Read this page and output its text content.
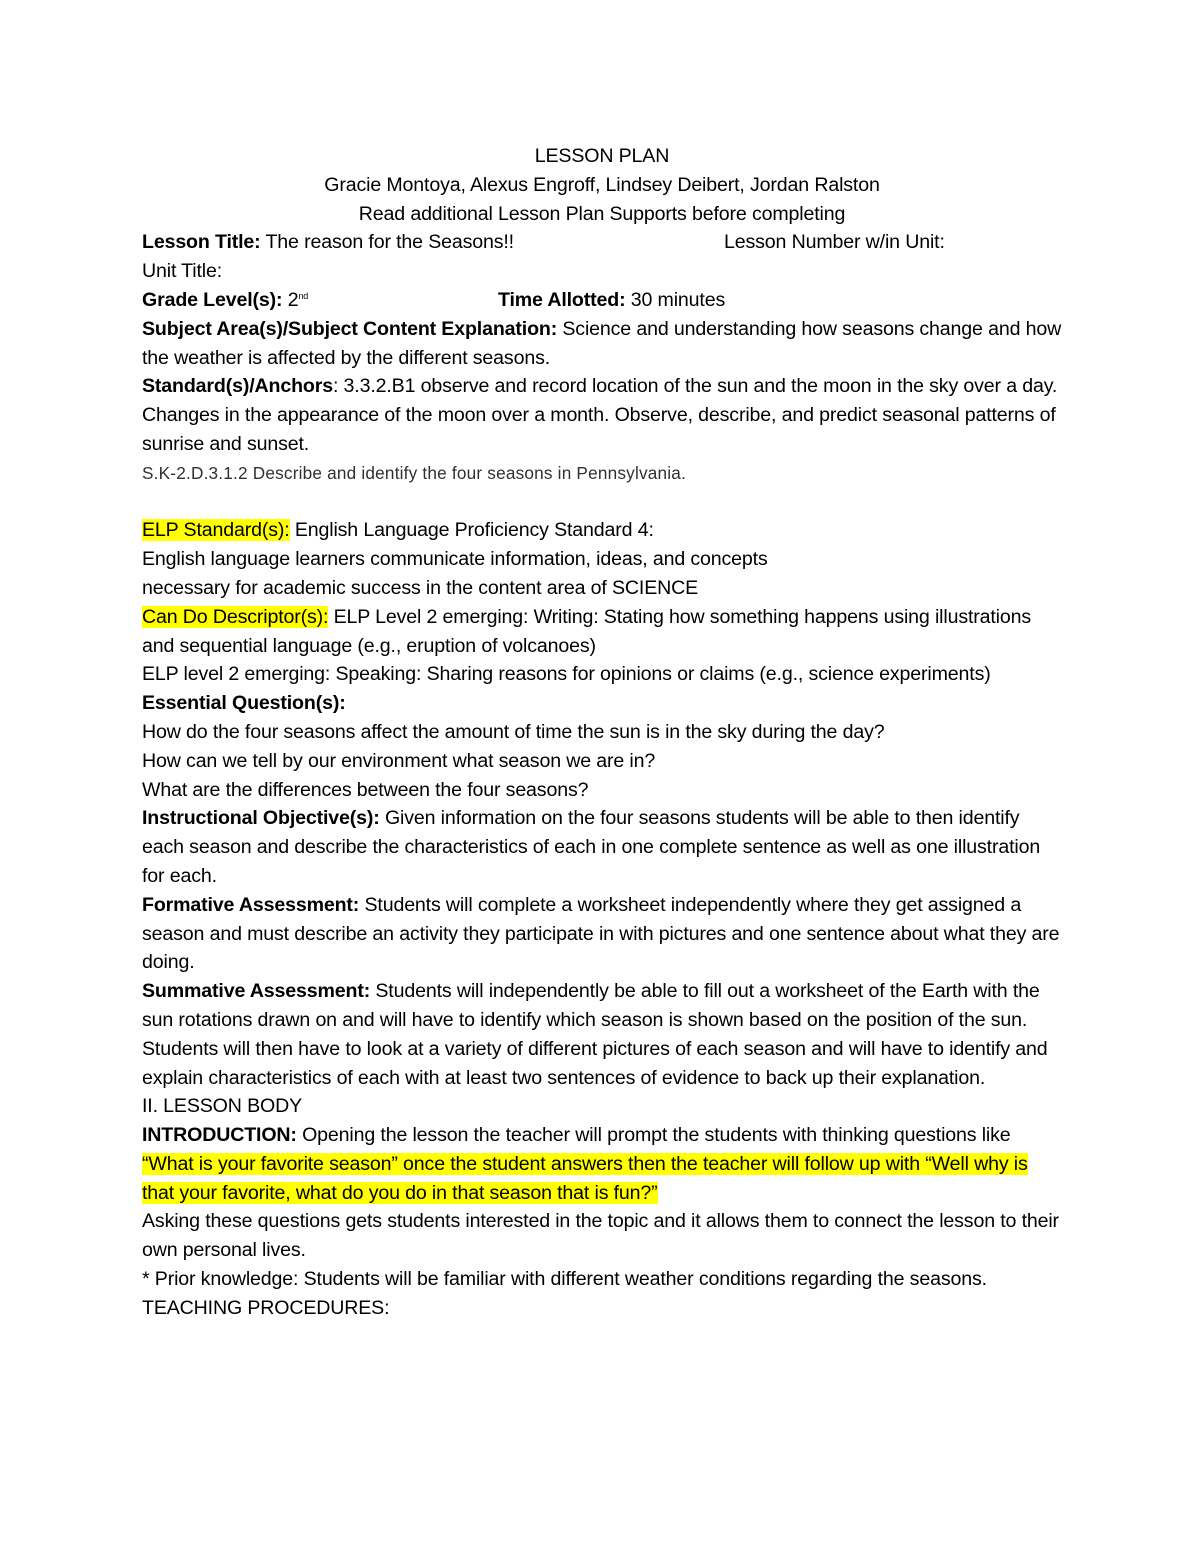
LESSON PLAN

Gracie Montoya, Alexus Engroff, Lindsey Deibert, Jordan Ralston

Read additional Lesson Plan Supports before completing

Lesson Title: The reason for the Seasons!!	Lesson Number w/in Unit:

Unit Title:

Grade Level(s): 2nd	Time Allotted: 30 minutes

Subject Area(s)/Subject Content Explanation: Science and understanding how seasons change and how the weather is affected by the different seasons.

Standard(s)/Anchors: 3.3.2.B1 observe and record location of the sun and the moon in the sky over a day. Changes in the appearance of the moon over a month. Observe, describe, and predict seasonal patterns of sunrise and sunset.

S.K-2.D.3.1.2 Describe and identify the four seasons in Pennsylvania.

ELP Standard(s): English Language Proficiency Standard 4:

English language learners communicate information, ideas, and concepts

necessary for academic success in the content area of SCIENCE

Can Do Descriptor(s): ELP Level 2 emerging: Writing: Stating how something happens using illustrations and sequential language (e.g., eruption of volcanoes)

ELP level 2 emerging: Speaking: Sharing reasons for opinions or claims (e.g., science experiments)

Essential Question(s):

How do the four seasons affect the amount of time the sun is in the sky during the day?

How can we tell by our environment what season we are in?

What are the differences between the four seasons?

Instructional Objective(s): Given information on the four seasons students will be able to then identify each season and describe the characteristics of each in one complete sentence as well as one illustration for each.

Formative Assessment: Students will complete a worksheet independently where they get assigned a season and must describe an activity they participate in with pictures and one sentence about what they are doing.

Summative Assessment: Students will independently be able to fill out a worksheet of the Earth with the sun rotations drawn on and will have to identify which season is shown based on the position of the sun. Students will then have to look at a variety of different pictures of each season and will have to identify and explain characteristics of each with at least two sentences of evidence to back up their explanation.

II. LESSON BODY

INTRODUCTION: Opening the lesson the teacher will prompt the students with thinking questions like “What is your favorite season” once the student answers then the teacher will follow up with “Well why is that your favorite, what do you do in that season that is fun?”

Asking these questions gets students interested in the topic and it allows them to connect the lesson to their own personal lives.

* Prior knowledge: Students will be familiar with different weather conditions regarding the seasons.

TEACHING PROCEDURES:
